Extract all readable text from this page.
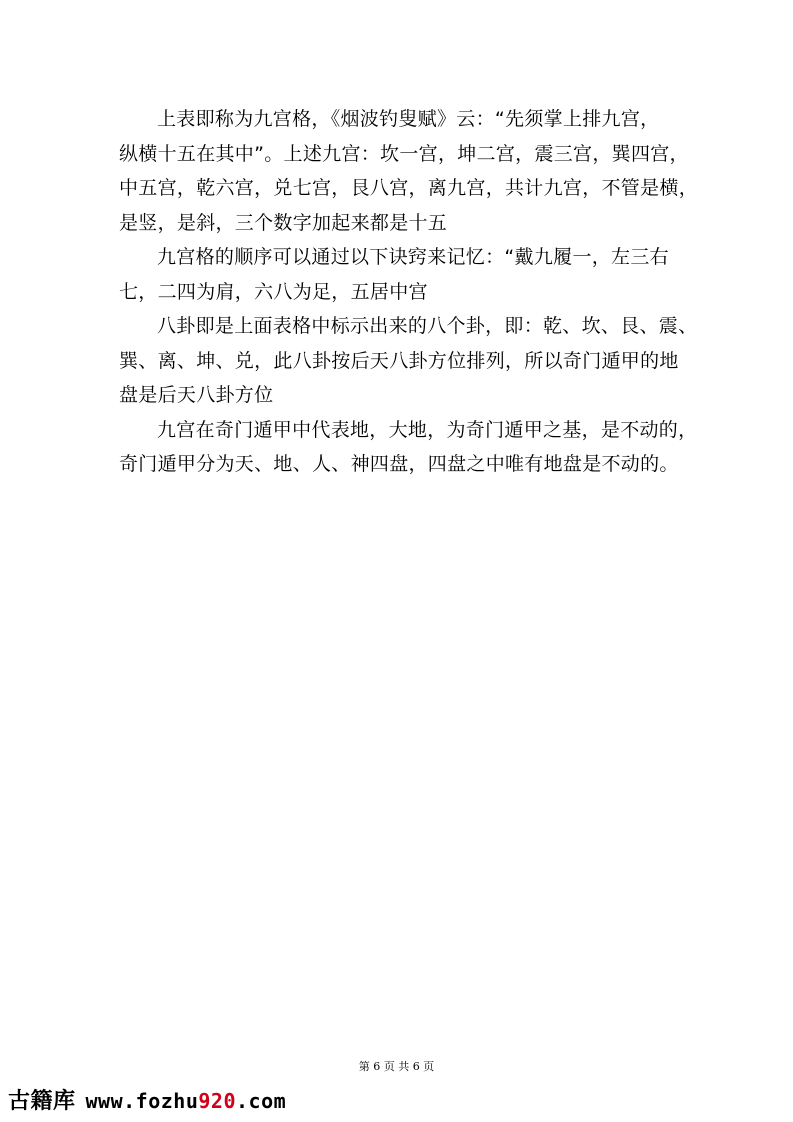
上表即称为九宫格，《烟波钓叟赋》云：“先须掌上排九宫，
纵横十五在其中”。上述九宫：坎一宫，坤二宫，震三宫，巽四宫，
中五宫，乾六宫，兑七宫，艮八宫，离九宫，共计九宫，不管是横，
是竖，是斜，三个数字加起来都是十五

九宫格的顺序可以通过以下诀窍来记忆：“戴九履一，左三右
七，二四为肩，六八为足，五居中宫

八卦即是上面表格中标示出来的八个卦，即：乾、坎、艮、震、
巽、离、坤、兑，此八卦按后天八卦方位排列，所以奇门遁甲的地
盘是后天八卦方位

九宫在奇门遁甲中代表地，大地，为奇门遁甲之基，是不动的，
奇门遁甲分为天、地、人、神四盘，四盘之中唯有地盘是不动的。

第 6 页 共 6 页
古籍库 www.fozhu920.com
